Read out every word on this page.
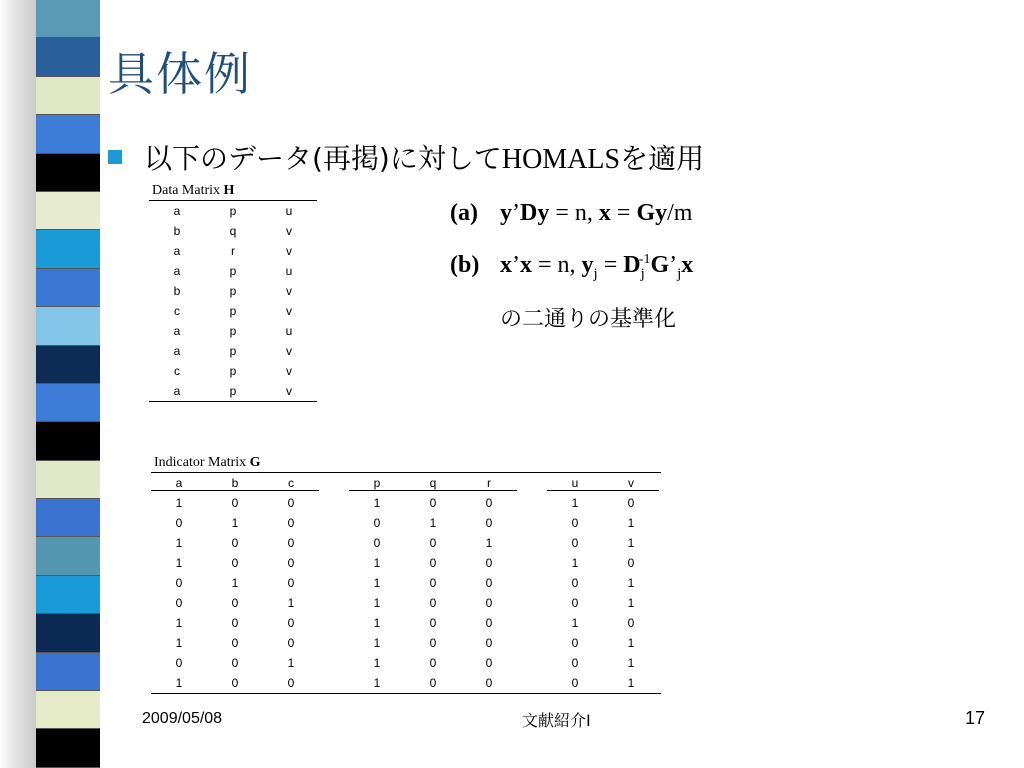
具体例
以下のデータ(再掲)に対してHOMALSを適用
Data Matrix H
a	p	u
b	q	v
a	r	v
a	p	u
b	p	v
c	p	v
a	p	u
a	p	v
c	p	v
a	p	v
(a) y’Dy = n, x = Gy/m
(b) x’x = n, $y_j$ = $D_j^{-1}G’_jx$
の二通りの基準化
Indicator Matrix G
a	b	c	p	q	r	u	v
1	0	0	1	0	0	1	0
0	1	0	0	1	0	0	1
1	0	0	0	0	1	0	1
1	0	0	1	0	0	1	0
0	1	0	1	0	0	0	1
0	0	1	1	0	0	0	1
1	0	0	1	0	0	1	0
1	0	0	1	0	0	0	1
0	0	1	1	0	0	0	1
1	0	0	1	0	0	0	1
2009/05/08	文献紹介I	17
